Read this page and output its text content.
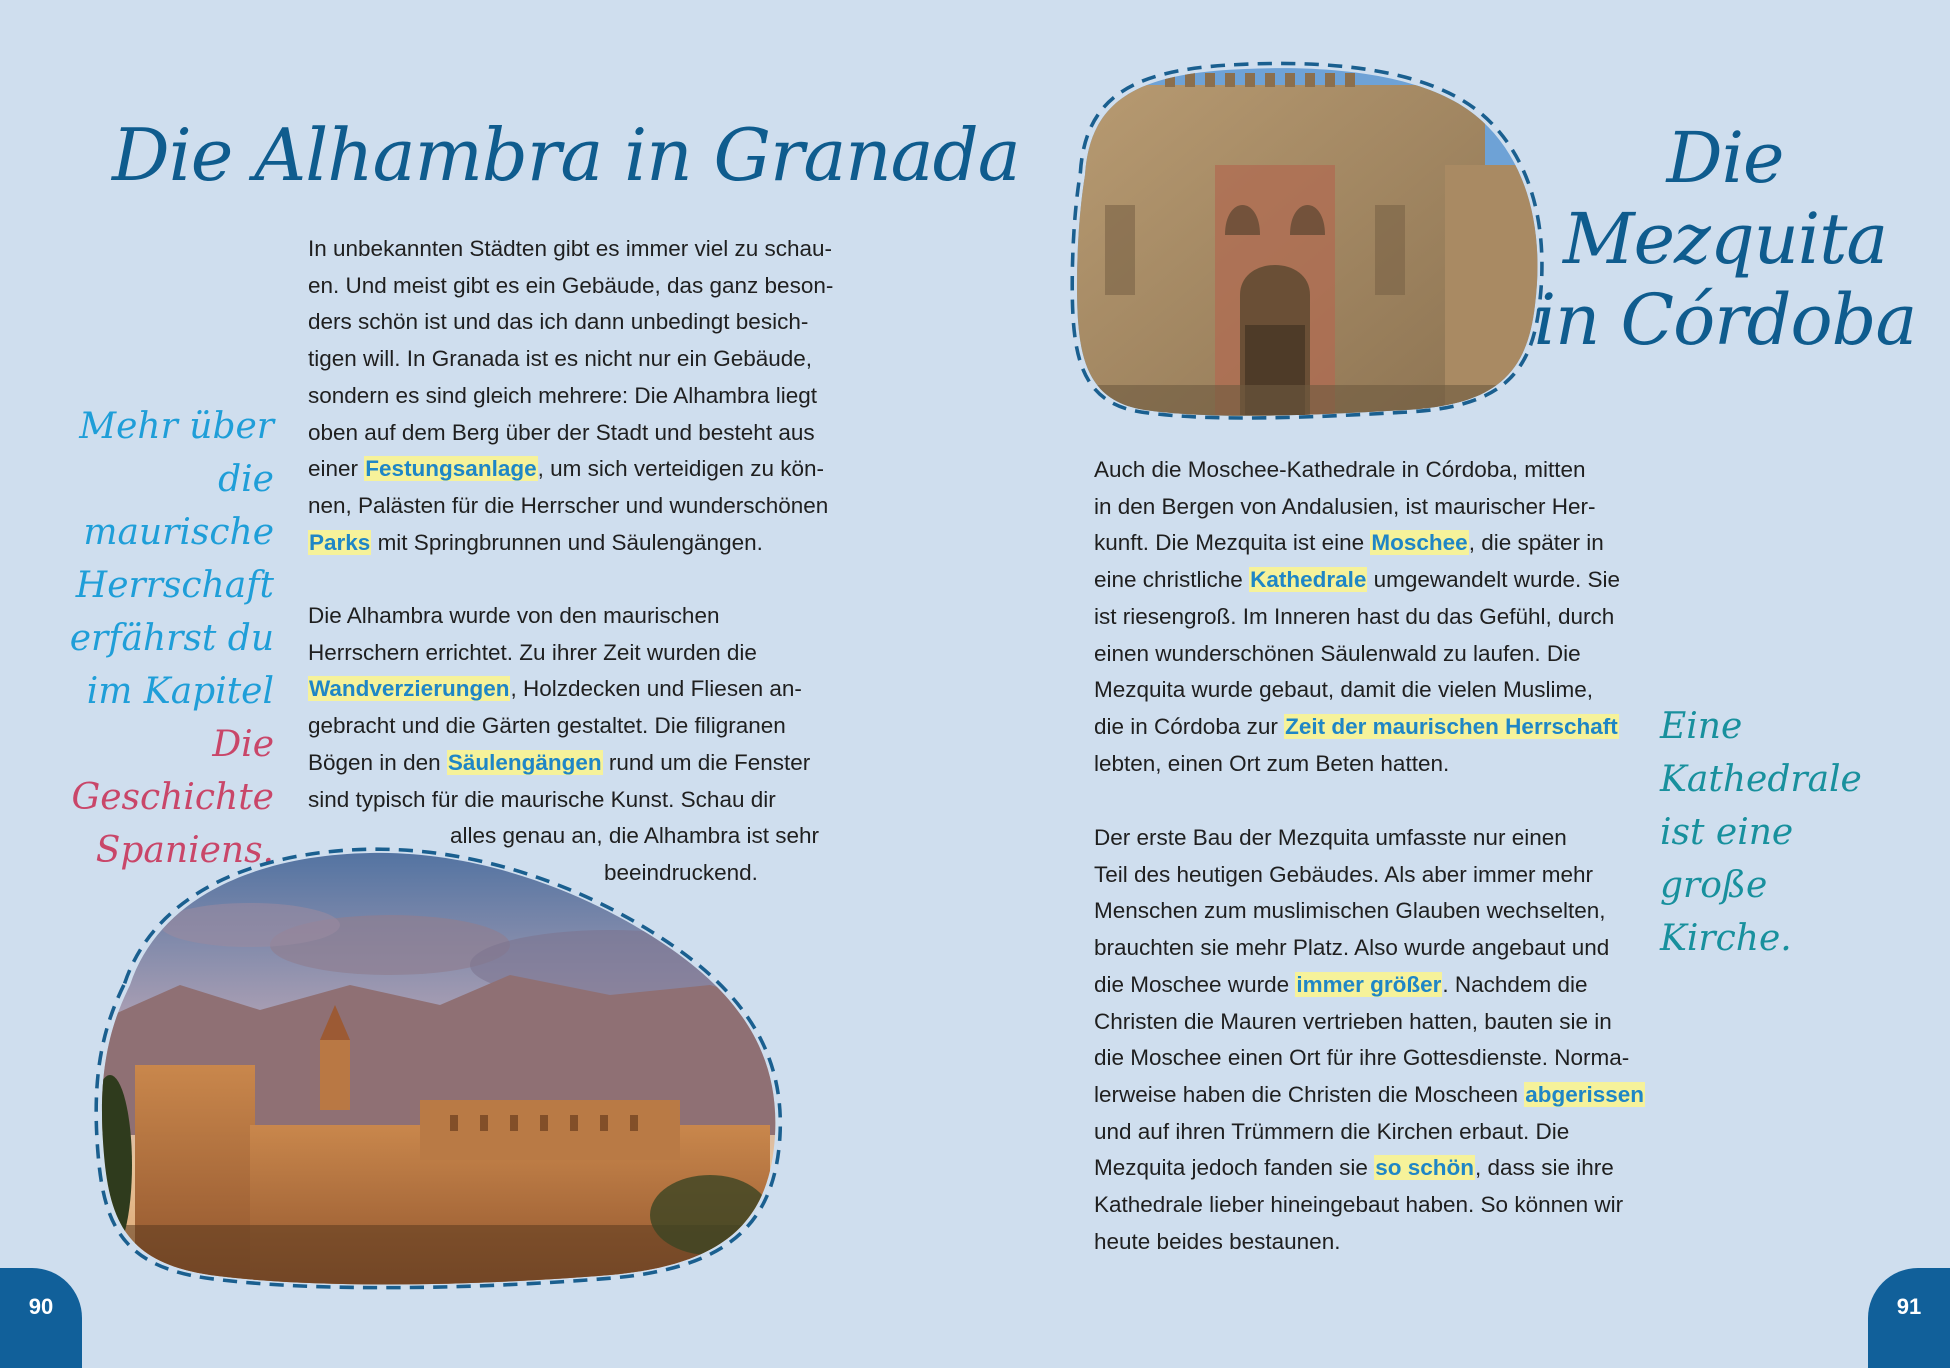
Die Alhambra in Granada
In unbekannten Städten gibt es immer viel zu schau-
en. Und meist gibt es ein Gebäude, das ganz beson-
ders schön ist und das ich dann unbedingt besich-
tigen will. In Granada ist es nicht nur ein Gebäude,
sondern es sind gleich mehrere: Die Alhambra liegt
oben auf dem Berg über der Stadt und besteht aus
einer Festungsanlage, um sich verteidigen zu kön-
nen, Palästen für die Herrscher und wunderschönen
Parks mit Springbrunnen und Säulengängen.
Die Alhambra wurde von den maurischen
Herrschern errichtet. Zu ihrer Zeit wurden die
Wandverzierungen, Holzdecken und Fliesen an-
gebracht und die Gärten gestaltet. Die filigranen
Bögen in den Säulengängen rund um die Fenster
sind typisch für die maurische Kunst. Schau dir
alles genau an, die Alhambra ist sehr
beeindruckend.
Mehr über
die maurische
Herrschaft
erfährst du
im Kapitel
Die Geschichte
Spaniens.
Die Mezquita
in Córdoba
Auch die Moschee-Kathedrale in Córdoba, mitten
in den Bergen von Andalusien, ist maurischer Her-
kunft. Die Mezquita ist eine Moschee, die später in
eine christliche Kathedrale umgewandelt wurde. Sie
ist riesengroß. Im Inneren hast du das Gefühl, durch
einen wunderschönen Säulenwald zu laufen. Die
Mezquita wurde gebaut, damit die vielen Muslime,
die in Córdoba zur Zeit der maurischen Herrschaft
lebten, einen Ort zum Beten hatten.
Der erste Bau der Mezquita umfasste nur einen
Teil des heutigen Gebäudes. Als aber immer mehr
Menschen zum muslimischen Glauben wechselten,
brauchten sie mehr Platz. Also wurde angebaut und
die Moschee wurde immer größer. Nachdem die
Christen die Mauren vertrieben hatten, bauten sie in
die Moschee einen Ort für ihre Gottesdienste. Norma-
lerweise haben die Christen die Moscheen abgerissen
und auf ihren Trümmern die Kirchen erbaut. Die
Mezquita jedoch fanden sie so schön, dass sie ihre
Kathedrale lieber hineingebaut haben. So können wir
heute beides bestaunen.
Eine Kathedrale
ist eine große
Kirche.
90	91
